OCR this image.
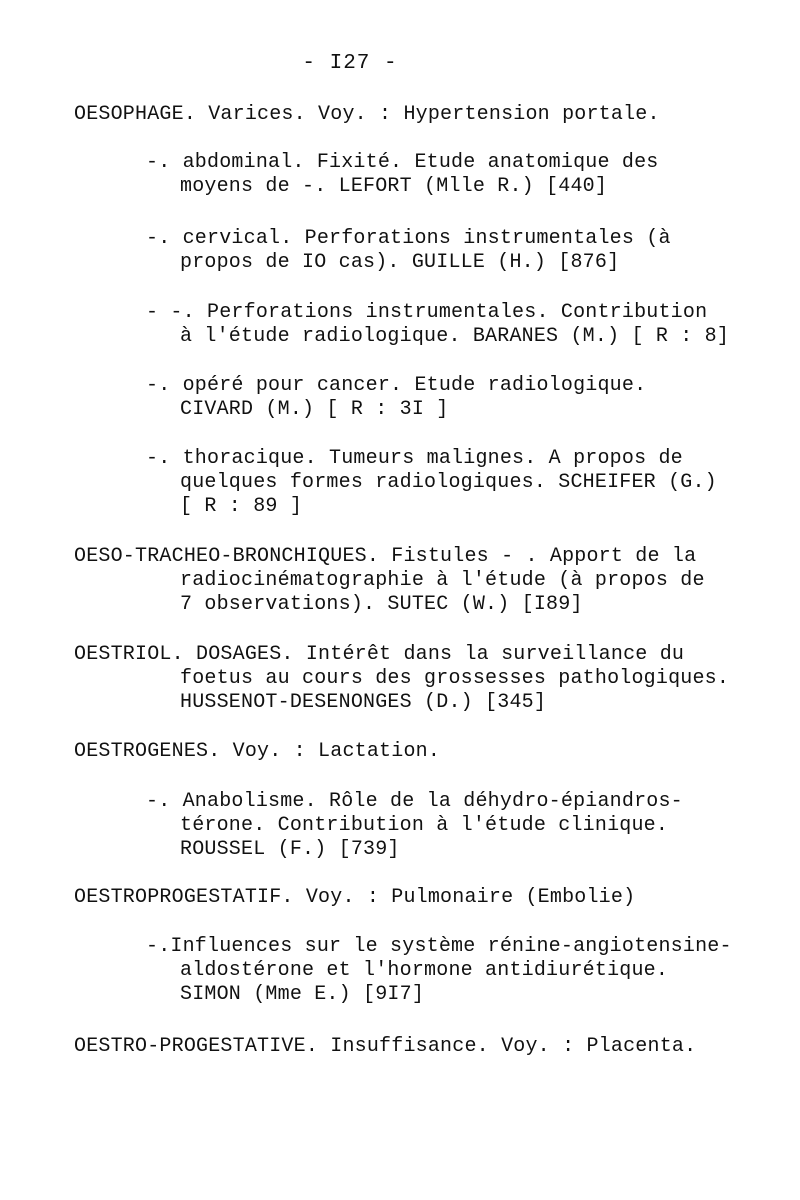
- I27 -
OESOPHAGE. Varices. Voy. : Hypertension portale.
-. abdominal. Fixité. Etude anatomique des
moyens de -. LEFORT (Mlle R.) [440]
-. cervical. Perforations instrumentales (à
propos de IO cas). GUILLE (H.) [876]
- -. Perforations instrumentales. Contribution
à l'étude radiologique. BARANES (M.) [ R : 8]
-. opéré pour cancer. Etude radiologique.
CIVARD (M.) [ R : 3I ]
-. thoracique. Tumeurs malignes. A propos de
quelques formes radiologiques. SCHEIFER (G.)
[ R : 89 ]
OESO-TRACHEO-BRONCHIQUES. Fistules - . Apport de la
radiocinématographie à l'étude (à propos de
7 observations). SUTEC (W.) [I89]
OESTRIOL. DOSAGES. Intérêt dans la surveillance du
foetus au cours des grossesses pathologiques.
HUSSENOT-DESENONGES (D.) [345]
OESTROGENES. Voy. : Lactation.
-. Anabolisme. Rôle de la déhydro-épiandros-
térone. Contribution à l'étude clinique.
ROUSSEL (F.) [739]
OESTROPROGESTATIF. Voy. : Pulmonaire (Embolie)
-.Influences sur le système rénine-angiotensine-
aldostérone et l'hormone antidiurétique.
SIMON (Mme E.) [9I7]
OESTRO-PROGESTATIVE. Insuffisance. Voy. : Placenta.
